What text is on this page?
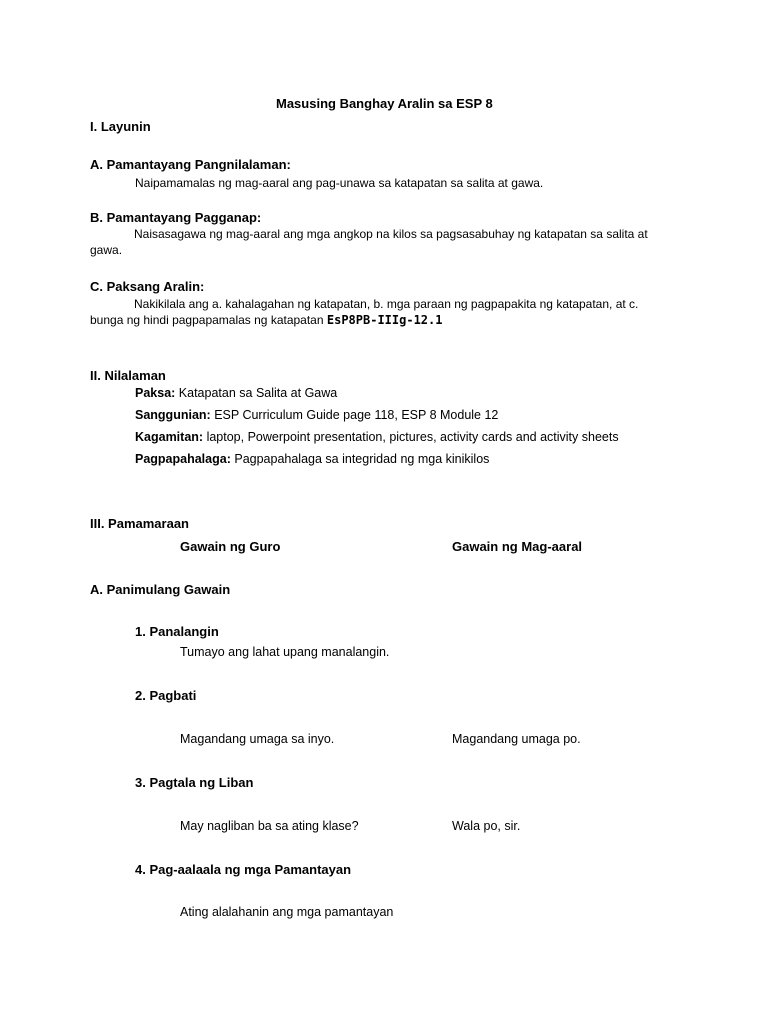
Masusing Banghay Aralin sa ESP 8
I. Layunin
A. Pamantayang Pangnilalaman:
Naipamamalas ng mag-aaral ang pag-unawa sa katapatan sa salita at gawa.
B. Pamantayang Pagganap:
Naisasagawa ng mag-aaral ang mga angkop na kilos sa pagsasabuhay ng katapatan sa salita at
gawa.
C. Paksang Aralin:
Nakikilala ang a. kahalagahan ng katapatan, b. mga paraan ng pagpapakita ng katapatan, at c.
bunga ng hindi pagpapamalas ng katapatan EsP8PB-IIIg-12.1
II. Nilalaman
Paksa: Katapatan sa Salita at Gawa
Sanggunian: ESP Curriculum Guide page 118, ESP 8 Module 12
Kagamitan: laptop, Powerpoint presentation, pictures, activity cards and activity sheets
Pagpapahalaga: Pagpapahalaga sa integridad ng mga kinikilos
III. Pamamaraan
Gawain ng Guro	Gawain ng Mag-aaral
A. Panimulang Gawain
1. Panalangin
Tumayo ang lahat upang manalangin.
2. Pagbati
Magandang umaga sa inyo.	Magandang umaga po.
3. Pagtala ng Liban
May nagliban ba sa ating klase?	Wala po, sir.
4. Pag-aalaala ng mga Pamantayan
Ating alalahanin ang mga pamantayan
